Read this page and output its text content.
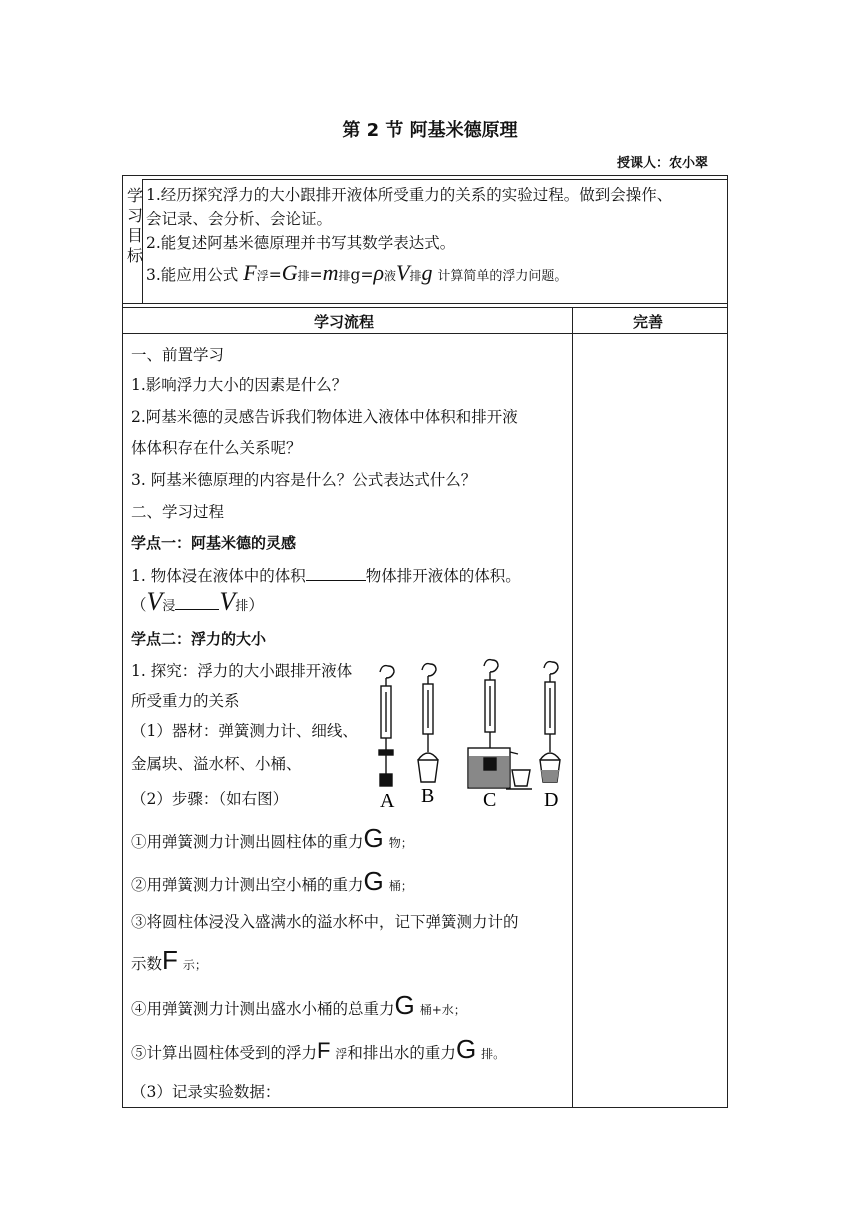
第 2 节 阿基米德原理
授课人：农小翠
学习目标
1.经历探究浮力的大小跟排开液体所受重力的关系的实验过程。做到会操作、
会记录、会分析、会论证。
2.能复述阿基米德原理并书写其数学表达式。
3.能应用公式 F浮=G排=m排g=ρ液V排g 计算简单的浮力问题。
学习流程	完善
一、前置学习
1.影响浮力大小的因素是什么？
2.阿基米德的灵感告诉我们物体进入液体中体积和排开液
体体积存在什么关系呢？
3. 阿基米德原理的内容是什么？公式表达式什么？
二、学习过程
学点一：阿基米德的灵感
1. 物体浸在液体中的体积	物体排开液体的体积。
（V浸 V排）
学点二：浮力的大小
1. 探究：浮力的大小跟排开液体
所受重力的关系
（1）器材：弹簧测力计、细线、
金属块、溢水杯、小桶、
（2）步骤：（如右图）
①用弹簧测力计测出圆柱体的重力G 物；
②用弹簧测力计测出空小桶的重力G 桶；
③将圆柱体浸没入盛满水的溢水杯中，记下弹簧测力计的
示数F 示；
④用弹簧测力计测出盛水小桶的总重力G 桶+水；
⑤计算出圆柱体受到的浮力F 浮和排出水的重力G 排。
（3）记录实验数据：
A B C D
